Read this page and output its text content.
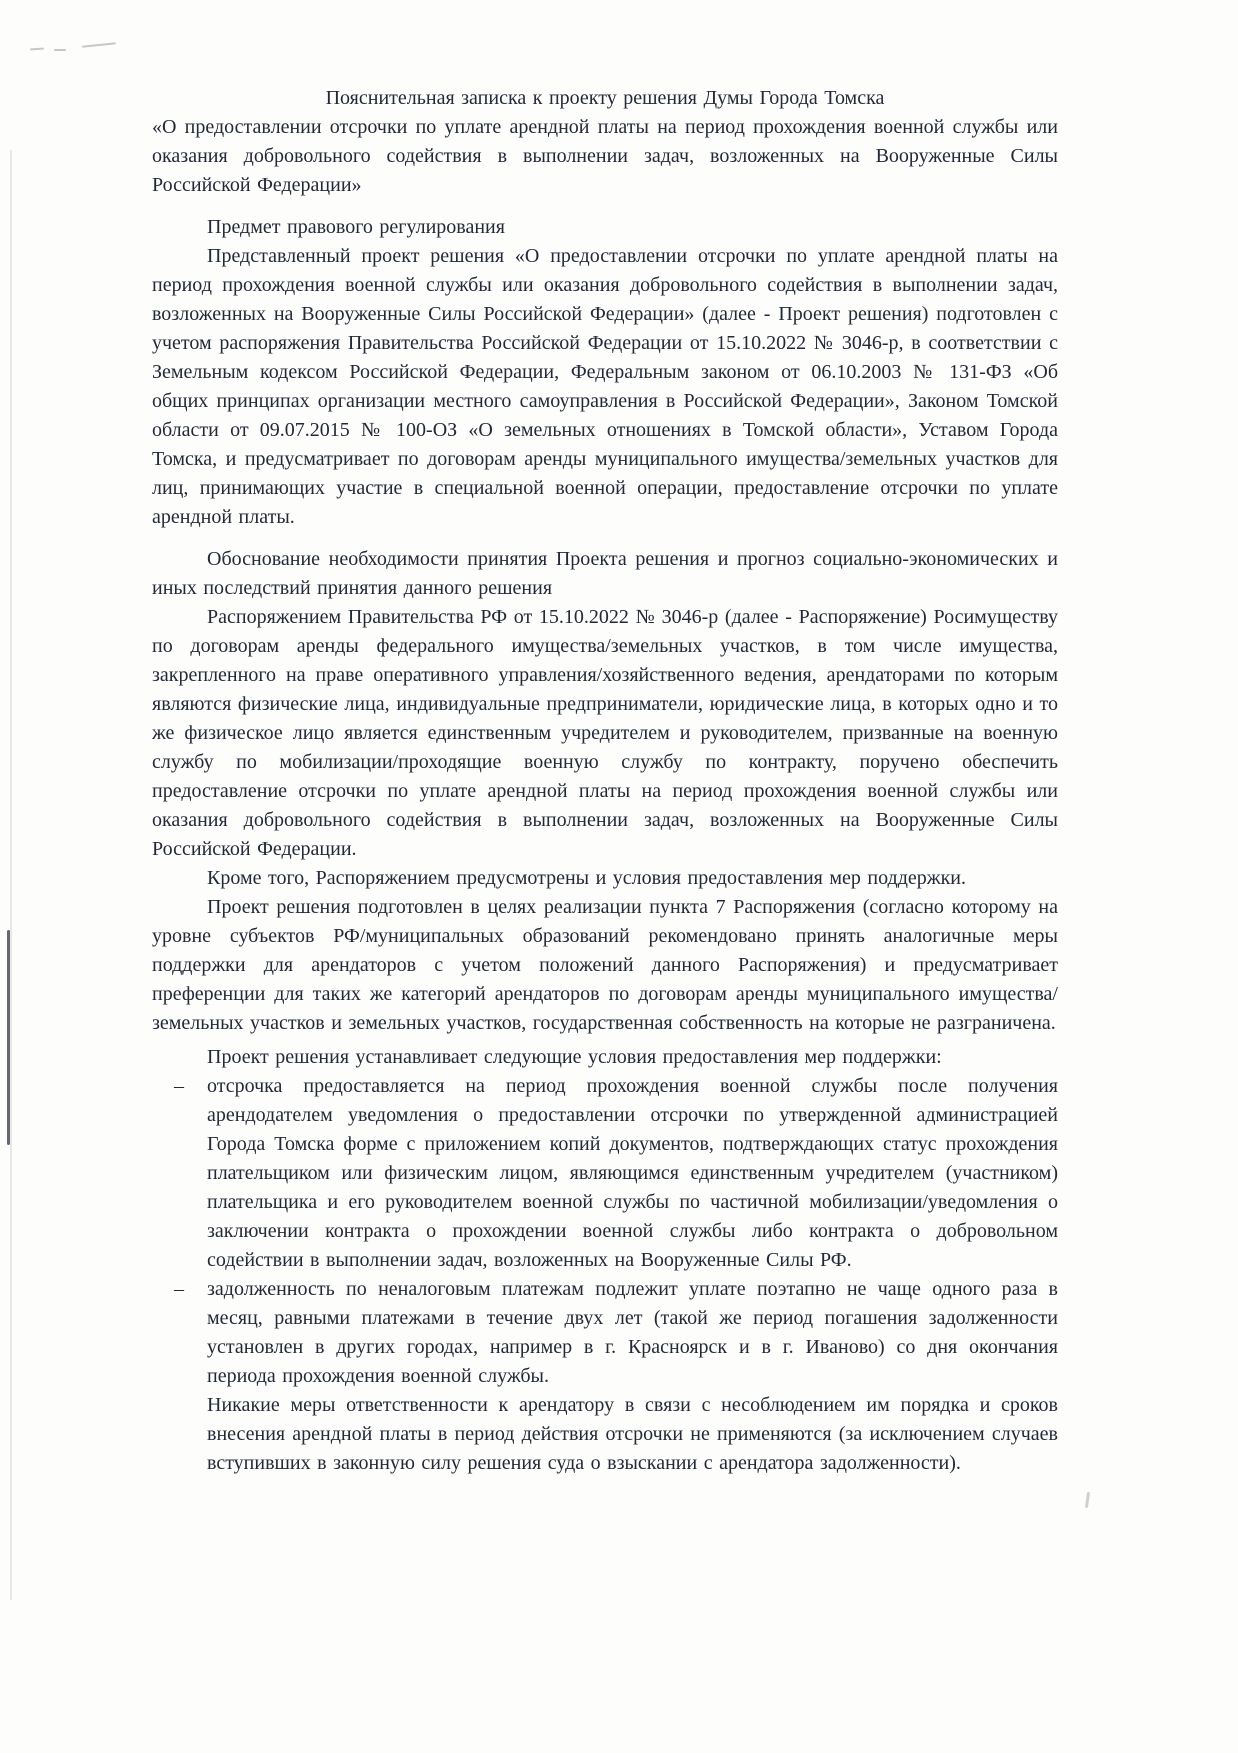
Пояснительная записка к проекту решения Думы Города Томска

«О предоставлении отсрочки по уплате арендной платы на период прохождения военной службы или оказания добровольного содействия в выполнении задач, возложенных на Вооруженные Силы Российской Федерации»

Предмет правового регулирования

Представленный проект решения «О предоставлении отсрочки по уплате арендной платы на период прохождения военной службы или оказания добровольного содействия в выполнении задач, возложенных на Вооруженные Силы Российской Федерации» (далее - Проект решения) подготовлен с учетом распоряжения Правительства Российской Федерации от 15.10.2022 № 3046-р, в соответствии с Земельным кодексом Российской Федерации, Федеральным законом от 06.10.2003 № 131-ФЗ «Об общих принципах организации местного самоуправления в Российской Федерации», Законом Томской области от 09.07.2015 № 100-ОЗ «О земельных отношениях в Томской области», Уставом Города Томска, и предусматривает по договорам аренды муниципального имущества/земельных участков для лиц, принимающих участие в специальной военной операции, предоставление отсрочки по уплате арендной платы.

Обоснование необходимости принятия Проекта решения и прогноз социально-экономических и иных последствий принятия данного решения

Распоряжением Правительства РФ от 15.10.2022 № 3046-р (далее - Распоряжение) Росимуществу по договорам аренды федерального имущества/земельных участков, в том числе имущества, закрепленного на праве оперативного управления/хозяйственного ведения, арендаторами по которым являются физические лица, индивидуальные предприниматели, юридические лица, в которых одно и то же физическое лицо является единственным учредителем и руководителем, призванные на военную службу по мобилизации/проходящие военную службу по контракту, поручено обеспечить предоставление отсрочки по уплате арендной платы на период прохождения военной службы или оказания добровольного содействия в выполнении задач, возложенных на Вооруженные Силы Российской Федерации.

Кроме того, Распоряжением предусмотрены и условия предоставления мер поддержки.

Проект решения подготовлен в целях реализации пункта 7 Распоряжения (согласно которому на уровне субъектов РФ/муниципальных образований рекомендовано принять аналогичные меры поддержки для арендаторов с учетом положений данного Распоряжения) и предусматривает преференции для таких же категорий арендаторов по договорам аренды муниципального имущества/земельных участков и земельных участков, государственная собственность на которые не разграничена.

Проект решения устанавливает следующие условия предоставления мер поддержки:

– отсрочка предоставляется на период прохождения военной службы после получения арендодателем уведомления о предоставлении отсрочки по утвержденной администрацией Города Томска форме с приложением копий документов, подтверждающих статус прохождения плательщиком или физическим лицом, являющимся единственным учредителем (участником) плательщика и его руководителем военной службы по частичной мобилизации/уведомления о заключении контракта о прохождении военной службы либо контракта о добровольном содействии в выполнении задач, возложенных на Вооруженные Силы РФ.
– задолженность по неналоговым платежам подлежит уплате поэтапно не чаще одного раза в месяц, равными платежами в течение двух лет (такой же период погашения задолженности установлен в других городах, например в г. Красноярск и в г. Иваново) со дня окончания периода прохождения военной службы.

Никакие меры ответственности к арендатору в связи с несоблюдением им порядка и сроков внесения арендной платы в период действия отсрочки не применяются (за исключением случаев вступивших в законную силу решения суда о взыскании с арендатора задолженности).
